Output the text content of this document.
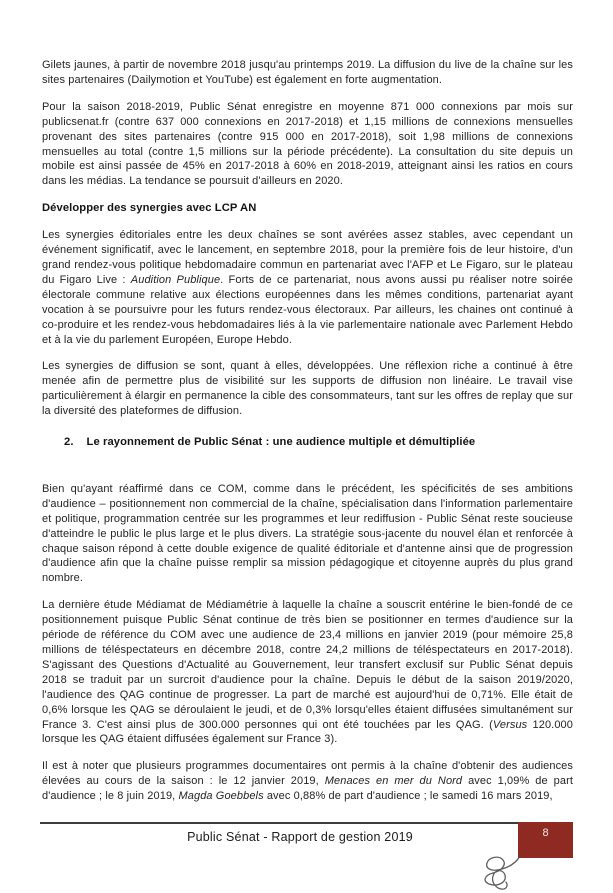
Gilets jaunes, à partir de novembre 2018 jusqu'au printemps 2019. La diffusion du live de la chaîne sur les sites partenaires (Dailymotion et YouTube) est également en forte augmentation.

Pour la saison 2018-2019, Public Sénat enregistre en moyenne 871 000 connexions par mois sur publicsenat.fr (contre 637 000 connexions en 2017-2018) et 1,15 millions de connexions mensuelles provenant des sites partenaires (contre 915 000 en 2017-2018), soit 1,98 millions de connexions mensuelles au total (contre 1,5 millions sur la période précédente). La consultation du site depuis un mobile est ainsi passée de 45% en 2017-2018 à 60% en 2018-2019, atteignant ainsi les ratios en cours dans les médias. La tendance se poursuit d'ailleurs en 2020.

Développer des synergies avec LCP AN

Les synergies éditoriales entre les deux chaînes se sont avérées assez stables, avec cependant un événement significatif, avec le lancement, en septembre 2018, pour la première fois de leur histoire, d'un grand rendez-vous politique hebdomadaire commun en partenariat avec l'AFP et Le Figaro, sur le plateau du Figaro Live : Audition Publique. Forts de ce partenariat, nous avons aussi pu réaliser notre soirée électorale commune relative aux élections européennes dans les mêmes conditions, partenariat ayant vocation à se poursuivre pour les futurs rendez-vous électoraux. Par ailleurs, les chaines ont continué à co-produire et les rendez-vous hebdomadaires liés à la vie parlementaire nationale avec Parlement Hebdo et à la vie du parlement Européen, Europe Hebdo.

Les synergies de diffusion se sont, quant à elles, développées. Une réflexion riche a continué à être menée afin de permettre plus de visibilité sur les supports de diffusion non linéaire. Le travail vise particulièrement à élargir en permanence la cible des consommateurs, tant sur les offres de replay que sur la diversité des plateformes de diffusion.

2. Le rayonnement de Public Sénat : une audience multiple et démultipliée

Bien qu'ayant réaffirmé dans ce COM, comme dans le précédent, les spécificités de ses ambitions d'audience – positionnement non commercial de la chaîne, spécialisation dans l'information parlementaire et politique, programmation centrée sur les programmes et leur rediffusion - Public Sénat reste soucieuse d'atteindre le public le plus large et le plus divers. La stratégie sous-jacente du nouvel élan et renforcée à chaque saison répond à cette double exigence de qualité éditoriale et d'antenne ainsi que de progression d'audience afin que la chaîne puisse remplir sa mission pédagogique et citoyenne auprès du plus grand nombre.

La dernière étude Médiamat de Médiamétrie à laquelle la chaîne a souscrit entérine le bien-fondé de ce positionnement puisque Public Sénat continue de très bien se positionner en termes d'audience sur la période de référence du COM avec une audience de 23,4 millions en janvier 2019 (pour mémoire 25,8 millions de téléspectateurs en décembre 2018, contre 24,2 millions de téléspectateurs en 2017-2018). S'agissant des Questions d'Actualité au Gouvernement, leur transfert exclusif sur Public Sénat depuis 2018 se traduit par un surcroit d'audience pour la chaîne. Depuis le début de la saison 2019/2020, l'audience des QAG continue de progresser. La part de marché est aujourd'hui de 0,71%. Elle était de 0,6% lorsque les QAG se déroulaient le jeudi, et de 0,3% lorsqu'elles étaient diffusées simultanément sur France 3. C'est ainsi plus de 300.000 personnes qui ont été touchées par les QAG. (Versus 120.000 lorsque les QAG étaient diffusées également sur France 3).

Il est à noter que plusieurs programmes documentaires ont permis à la chaîne d'obtenir des audiences élevées au cours de la saison : le 12 janvier 2019, Menaces en mer du Nord avec 1,09% de part d'audience ; le 8 juin 2019, Magda Goebbels avec 0,88% de part d'audience ; le samedi 16 mars 2019,

Public Sénat - Rapport de gestion 2019	8
